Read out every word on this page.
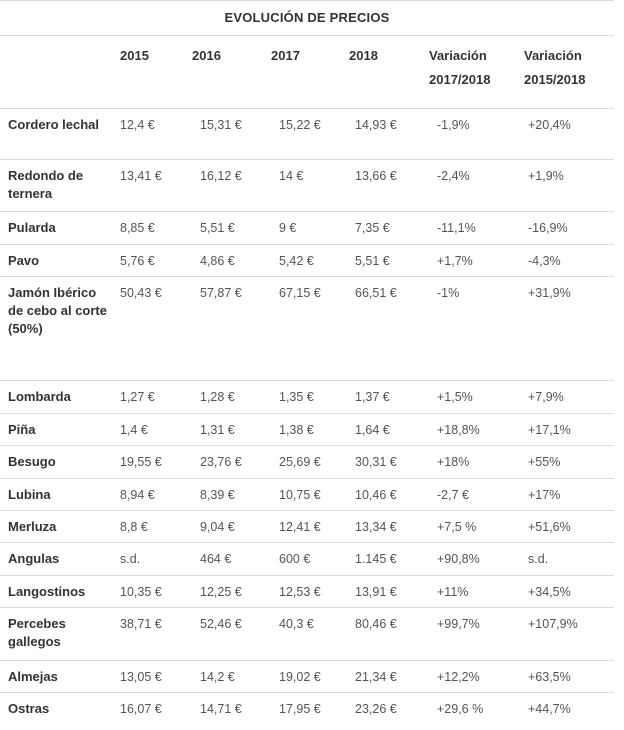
EVOLUCIÓN DE PRECIOS
	2015	2016	2017	2018	Variación 2017/2018	Variación 2015/2018
Cordero lechal	12,4 €	15,31 €	15,22 €	14,93 €	-1,9%	+20,4%
Redondo de ternera	13,41 €	16,12 €	14 €	13,66 €	-2,4%	+1,9%
Pularda	8,85 €	5,51 €	9 €	7,35 €	-11,1%	-16,9%
Pavo	5,76 €	4,86 €	5,42 €	5,51 €	+1,7%	-4,3%
Jamón Ibérico de cebo al corte (50%)	50,43 €	57,87 €	67,15 €	66,51 €	-1%	+31,9%
Lombarda	1,27 €	1,28 €	1,35 €	1,37 €	+1,5%	+7,9%
Piña	1,4 €	1,31 €	1,38 €	1,64 €	+18,8%	+17,1%
Besugo	19,55 €	23,76 €	25,69 €	30,31 €	+18%	+55%
Lubina	8,94 €	8,39 €	10,75 €	10,46 €	-2,7 €	+17%
Merluza	8,8 €	9,04 €	12,41 €	13,34 €	+7,5 %	+51,6%
Angulas	s.d.	464 €	600 €	1.145 €	+90,8%	s.d.
Langostinos	10,35 €	12,25 €	12,53 €	13,91 €	+11%	+34,5%
Percebes gallegos	38,71 €	52,46 €	40,3 €	80,46 €	+99,7%	+107,9%
Almejas	13,05 €	14,2 €	19,02 €	21,34 €	+12,2%	+63,5%
Ostras	16,07 €	14,71 €	17,95 €	23,26 €	+29,6 %	+44,7%
